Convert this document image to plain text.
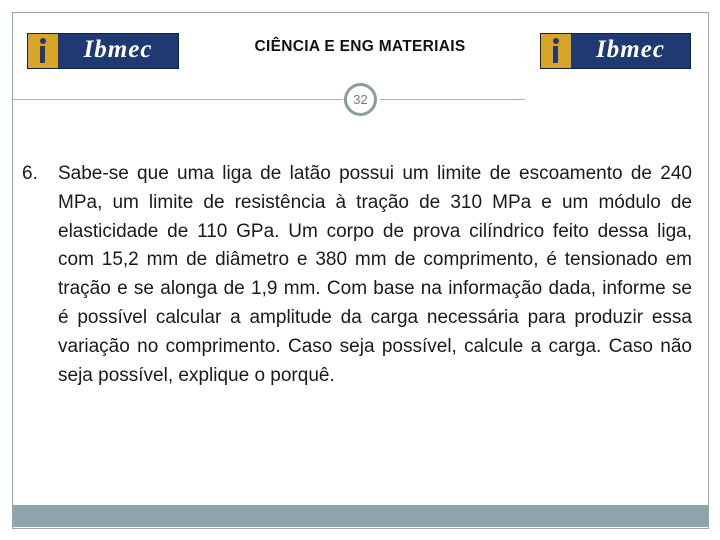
Ibmec	CIÊNCIA E ENG MATERIAIS	Ibmec
32
6. Sabe-se que uma liga de latão possui um limite de escoamento de 240 MPa, um limite de resistência à tração de 310 MPa e um módulo de elasticidade de 110 GPa. Um corpo de prova cilíndrico feito dessa liga, com 15,2 mm de diâmetro e 380 mm de comprimento, é tensionado em tração e se alonga de 1,9 mm. Com base na informação dada, informe se é possível calcular a amplitude da carga necessária para produzir essa variação no comprimento. Caso seja possível, calcule a carga. Caso não seja possível, explique o porquê.
